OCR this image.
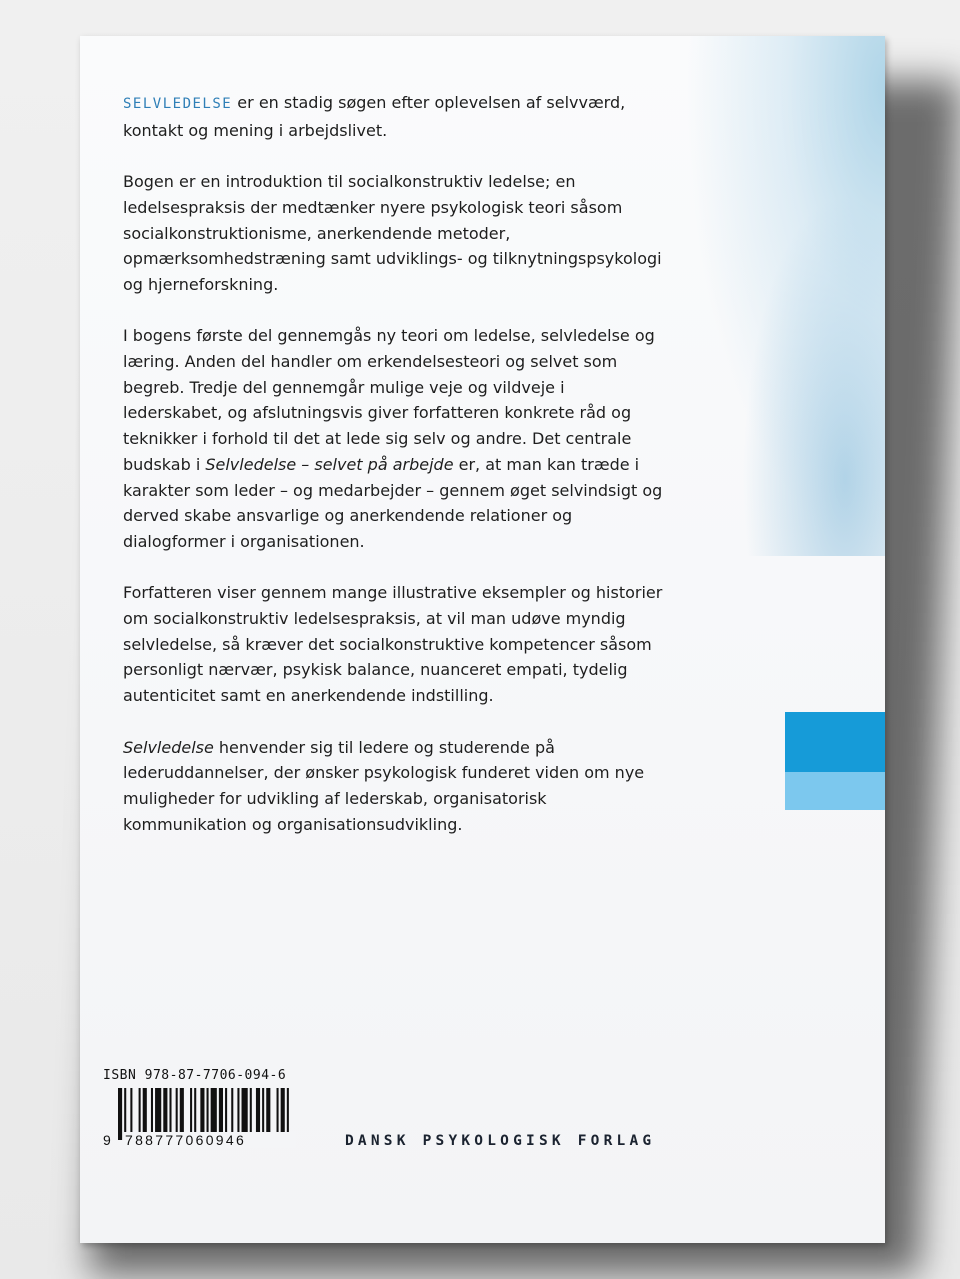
SELVLEDELSE er en stadig søgen efter oplevelsen af selvværd, kontakt og mening i arbejdslivet.

Bogen er en introduktion til socialkonstruktiv ledelse; en ledelsespraksis der medtænker nyere psykologisk teori såsom socialkonstruktionisme, anerkendende metoder, opmærksomhedstræning samt udviklings- og tilknytningspsykologi og hjerneforskning.

I bogens første del gennemgås ny teori om ledelse, selvledelse og læring. Anden del handler om erkendelsesteori og selvet som begreb. Tredje del gennemgår mulige veje og vildveje i lederskabet, og afslutningsvis giver forfatteren konkrete råd og teknikker i forhold til det at lede sig selv og andre. Det centrale budskab i Selvledelse – selvet på arbejde er, at man kan træde i karakter som leder – og medarbejder – gennem øget selvindsigt og derved skabe ansvarlige og anerkendende relationer og dialogformer i organisationen.

Forfatteren viser gennem mange illustrative eksempler og historier om socialkonstruktiv ledelsespraksis, at vil man udøve myndig selvledelse, så kræver det socialkonstruktive kompetencer såsom personligt nærvær, psykisk balance, nuanceret empati, tydelig autenticitet samt en anerkendende indstilling.

Selvledelse henvender sig til ledere og studerende på lederuddannelser, der ønsker psykologisk funderet viden om nye muligheder for udvikling af lederskab, organisatorisk kommunikation og organisationsudvikling.

ISBN 978-87-7706-094-6
9 788777060946	DANSK PSYKOLOGISK FORLAG
